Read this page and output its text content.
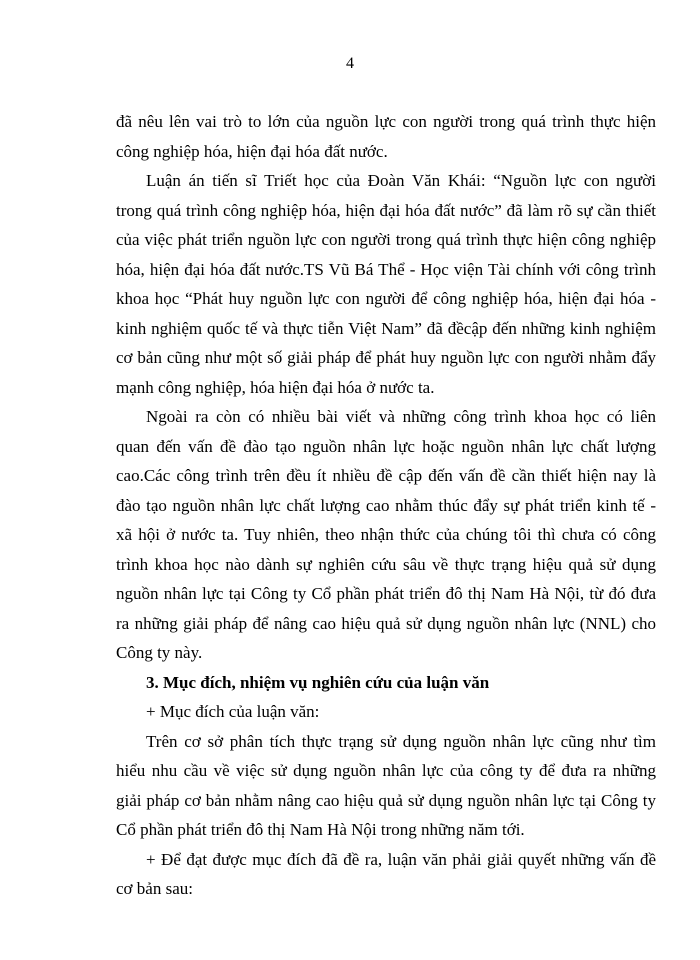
4
đã nêu lên vai trò to lớn của nguồn lực con người trong quá trình thực hiện
công nghiệp hóa, hiện đại hóa đất nước.
Luận án tiến sĩ Triết học của Đoàn Văn Khái: “Nguồn lực con người
trong quá trình công nghiệp hóa, hiện đại hóa đất nước” đã làm rõ sự cần thiết
của việc phát triển nguồn lực con người trong quá trình thực hiện công nghiệp
hóa, hiện đại hóa đất nước.TS Vũ Bá Thể - Học viện Tài chính với công trình
khoa học “Phát huy nguồn lực con người để công nghiệp hóa, hiện đại hóa -
kinh nghiệm quốc tế và thực tiễn Việt Nam” đã đềcập đến những kinh nghiệm
cơ bản cũng như một số giải pháp để phát huy nguồn lực con người nhằm đẩy
mạnh công nghiệp, hóa hiện đại hóa ở nước ta.
Ngoài ra còn có nhiều bài viết và những công trình khoa học có liên
quan đến vấn đề đào tạo nguồn nhân lực hoặc nguồn nhân lực chất lượng
cao.Các công trình trên đều ít nhiều đề cập đến vấn đề cần thiết hiện nay là
đào tạo nguồn nhân lực chất lượng cao nhằm thúc đẩy sự phát triển kinh tế -
xã hội ở nước ta. Tuy nhiên, theo nhận thức của chúng tôi thì chưa có công
trình khoa học nào dành sự nghiên cứu sâu về thực trạng hiệu quả sử dụng
nguồn nhân lực tại Công ty Cổ phần phát triển đô thị Nam Hà Nội, từ đó đưa
ra những giải pháp để nâng cao hiệu quả sử dụng nguồn nhân lực (NNL) cho
Công ty này.
3. Mục đích, nhiệm vụ nghiên cứu của luận văn
+ Mục đích của luận văn:
Trên cơ sở phân tích thực trạng sử dụng nguồn nhân lực cũng như tìm
hiểu nhu cầu về việc sử dụng nguồn nhân lực của công ty để đưa ra những
giải pháp cơ bản nhằm nâng cao hiệu quả sử dụng nguồn nhân lực tại Công ty
Cổ phần phát triển đô thị Nam Hà Nội trong những năm tới.
+ Để đạt được mục đích đã đề ra, luận văn phải giải quyết những vấn đề
cơ bản sau:
